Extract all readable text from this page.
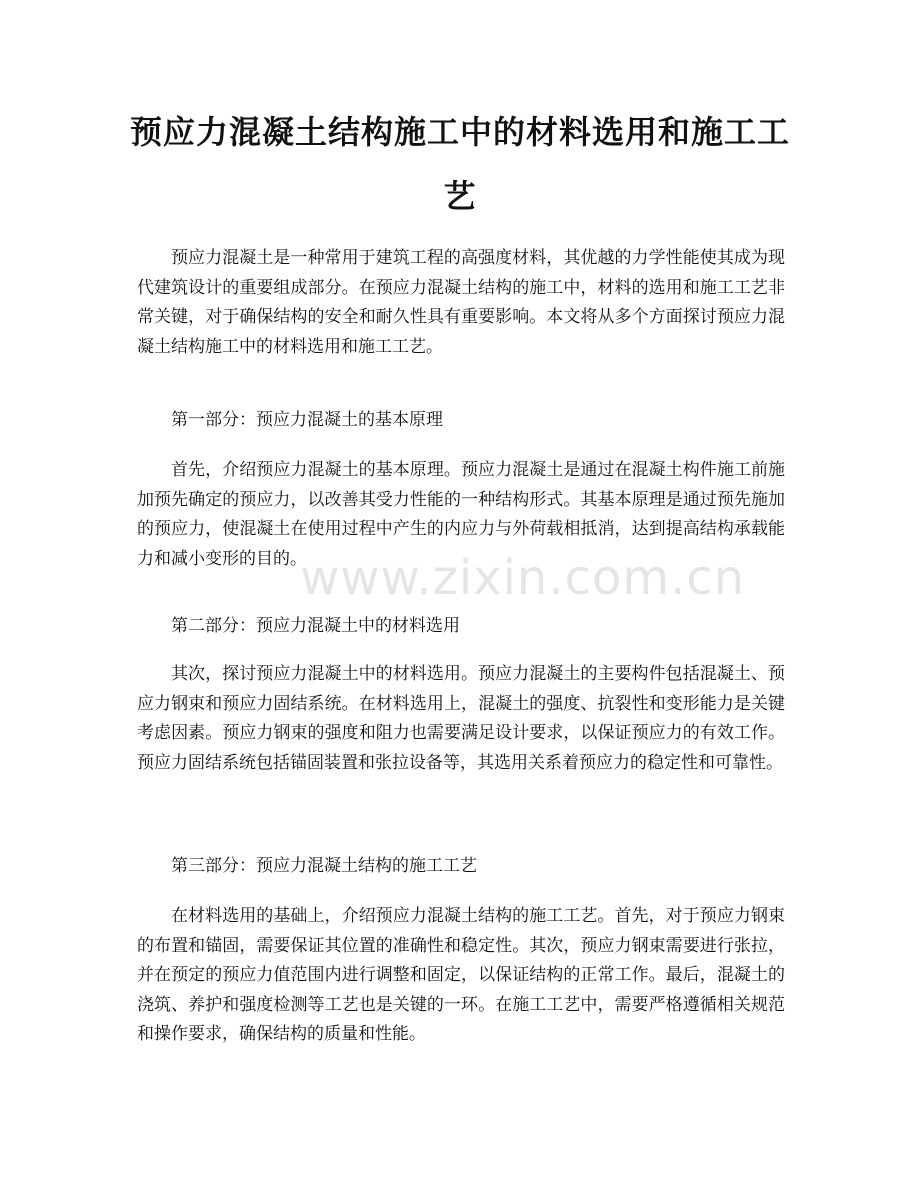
预应力混凝土结构施工中的材料选用和施工工艺

预应力混凝土是一种常用于建筑工程的高强度材料，其优越的力学性能使其成为现代建筑设计的重要组成部分。在预应力混凝土结构的施工中，材料的选用和施工工艺非常关键，对于确保结构的安全和耐久性具有重要影响。本文将从多个方面探讨预应力混凝土结构施工中的材料选用和施工工艺。

第一部分：预应力混凝土的基本原理

首先，介绍预应力混凝土的基本原理。预应力混凝土是通过在混凝土构件施工前施加预先确定的预应力，以改善其受力性能的一种结构形式。其基本原理是通过预先施加的预应力，使混凝土在使用过程中产生的内应力与外荷载相抵消，达到提高结构承载能力和减小变形的目的。

第二部分：预应力混凝土中的材料选用

其次，探讨预应力混凝土中的材料选用。预应力混凝土的主要构件包括混凝土、预应力钢束和预应力固结系统。在材料选用上，混凝土的强度、抗裂性和变形能力是关键考虑因素。预应力钢束的强度和阻力也需要满足设计要求，以保证预应力的有效工作。预应力固结系统包括锚固装置和张拉设备等，其选用关系着预应力的稳定性和可靠性。

第三部分：预应力混凝土结构的施工工艺

在材料选用的基础上，介绍预应力混凝土结构的施工工艺。首先，对于预应力钢束的布置和锚固，需要保证其位置的准确性和稳定性。其次，预应力钢束需要进行张拉，并在预定的预应力值范围内进行调整和固定，以保证结构的正常工作。最后，混凝土的浇筑、养护和强度检测等工艺也是关键的一环。在施工工艺中，需要严格遵循相关规范和操作要求，确保结构的质量和性能。

www.zixin.com.cn
